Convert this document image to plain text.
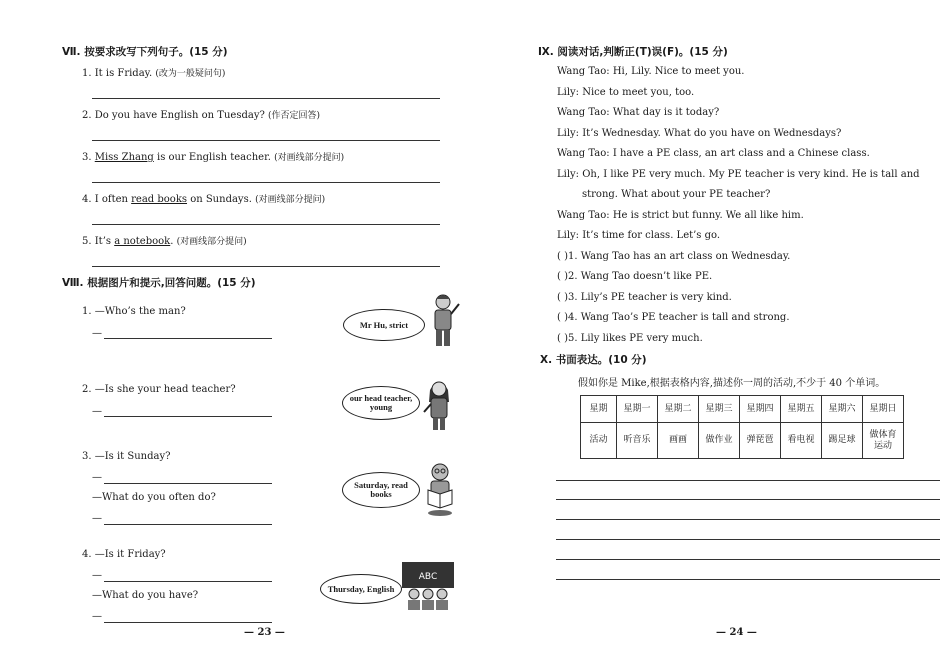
Ⅶ. 按要求改写下列句子。(15 分)
1. It is Friday. (改为一般疑问句)
2. Do you have English on Tuesday? (作否定回答)
3. Miss Zhang is our English teacher. (对画线部分提问)
4. I often read books on Sundays. (对画线部分提问)
5. It’s a notebook. (对画线部分提问)
Ⅷ. 根据图片和提示,回答问题。(15 分)
1. —Who’s the man?
—
Mr Hu, strict
2. —Is she your head teacher?
—
our head teacher, young
3. —Is it Sunday?
—
—What do you often do?
—
Saturday, read books
4. —Is it Friday?
—
—What do you have?
—
Thursday, English
ABC
— 23 —
Ⅸ. 阅读对话,判断正(T)误(F)。(15 分)
Wang Tao: Hi, Lily. Nice to meet you.
Lily: Nice to meet you, too.
Wang Tao: What day is it today?
Lily: It’s Wednesday. What do you have on Wednesdays?
Wang Tao: I have a PE class, an art class and a Chinese class.
Lily: Oh, I like PE very much. My PE teacher is very kind. He is tall and
strong. What about your PE teacher?
Wang Tao: He is strict but funny. We all like him.
Lily: It’s time for class. Let’s go.
( )1. Wang Tao has an art class on Wednesday.
( )2. Wang Tao doesn’t like PE.
( )3. Lily’s PE teacher is very kind.
( )4. Wang Tao’s PE teacher is tall and strong.
( )5. Lily likes PE very much.
Ⅹ. 书面表达。(10 分)
假如你是 Mike,根据表格内容,描述你一周的活动,不少于 40 个单词。
星期	星期一	星期二	星期三	星期四	星期五	星期六	星期日
活动	听音乐	画画	做作业	弹琵琶	看电视	踢足球	做体育运动
— 24 —
